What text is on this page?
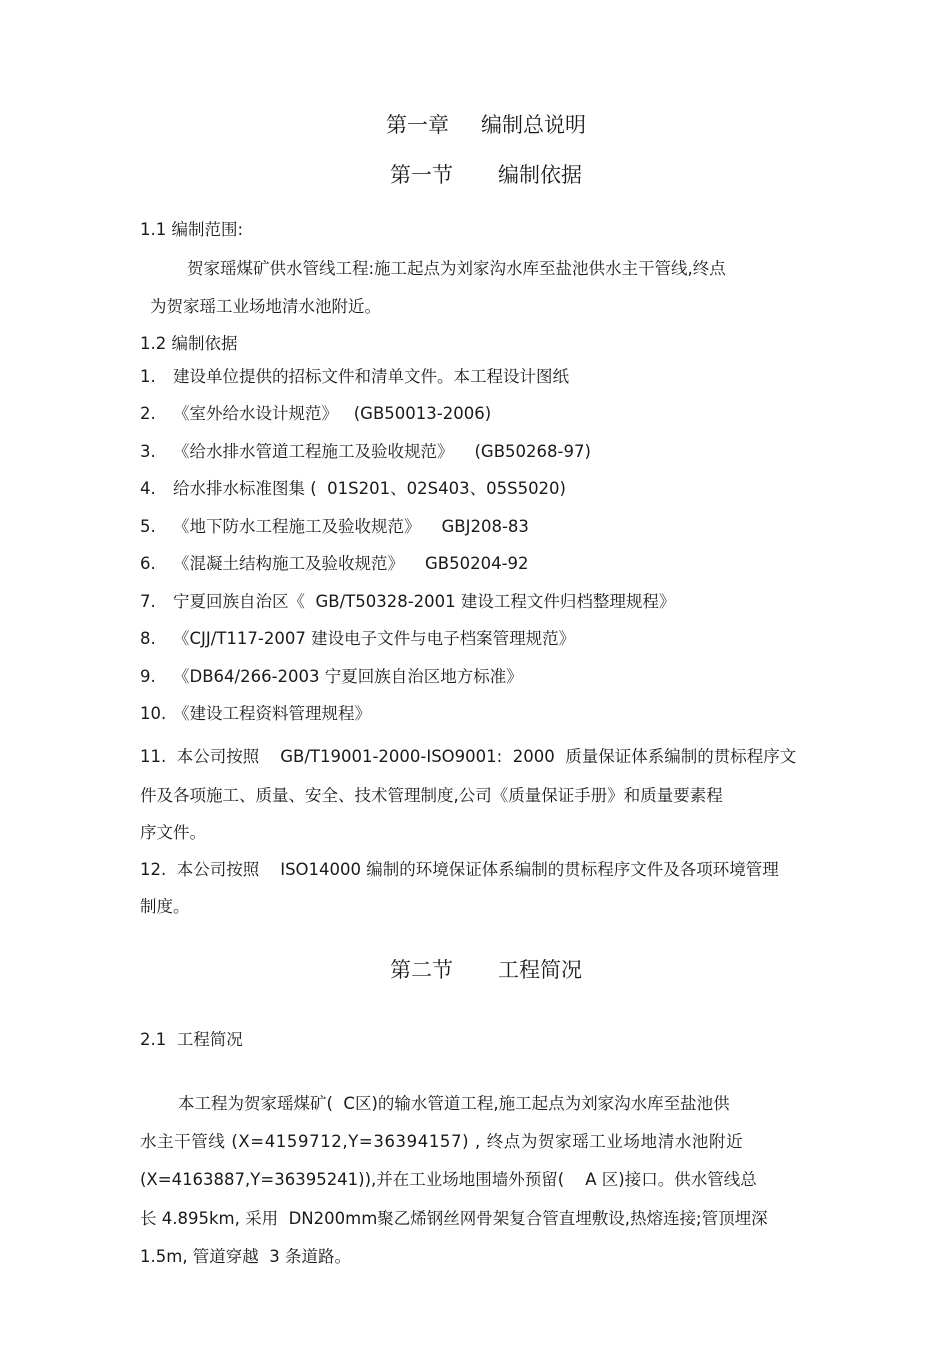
第一章 编制总说明
第一节 编制依据
1.1 编制范围:
贺家瑶煤矿供水管线工程:施工起点为刘家沟水库至盐池供水主干管线,终点
为贺家瑶工业场地清水池附近。
1.2 编制依据
1. 建设单位提供的招标文件和清单文件。本工程设计图纸
2. 《室外给水设计规范》   (GB50013-2006)
3. 《给水排水管道工程施工及验收规范》    (GB50268-97)
4. 给水排水标准图集 (  01S201、02S403、05S5020)
5. 《地下防水工程施工及验收规范》    GBJ208-83
6. 《混凝土结构施工及验收规范》    GB50204-92
7. 宁夏回族自治区《  GB/T50328-2001 建设工程文件归档整理规程》
8. 《CJJ/T117-2007 建设电子文件与电子档案管理规范》
9. 《DB64/266-2003 宁夏回族自治区地方标准》
10. 《建设工程资料管理规程》
11.  本公司按照    GB/T19001-2000-ISO9001:  2000  质量保证体系编制的贯标程序文
件及各项施工、质量、安全、技术管理制度,公司《质量保证手册》和质量要素程
序文件。
12.  本公司按照    ISO14000 编制的环境保证体系编制的贯标程序文件及各项环境管理
制度。
第二节 工程简况
2.1  工程简况
本工程为贺家瑶煤矿(  C区)的输水管道工程,施工起点为刘家沟水库至盐池供
水主干管线 (X=4159712,Y=36394157) , 终点为贺家瑶工业场地清水池附近
(X=4163887,Y=36395241)),并在工业场地围墙外预留(    A 区)接口。供水管线总
长 4.895km, 采用  DN200mm聚乙烯钢丝网骨架复合管直埋敷设,热熔连接;管顶埋深
1.5m, 管道穿越  3 条道路。
